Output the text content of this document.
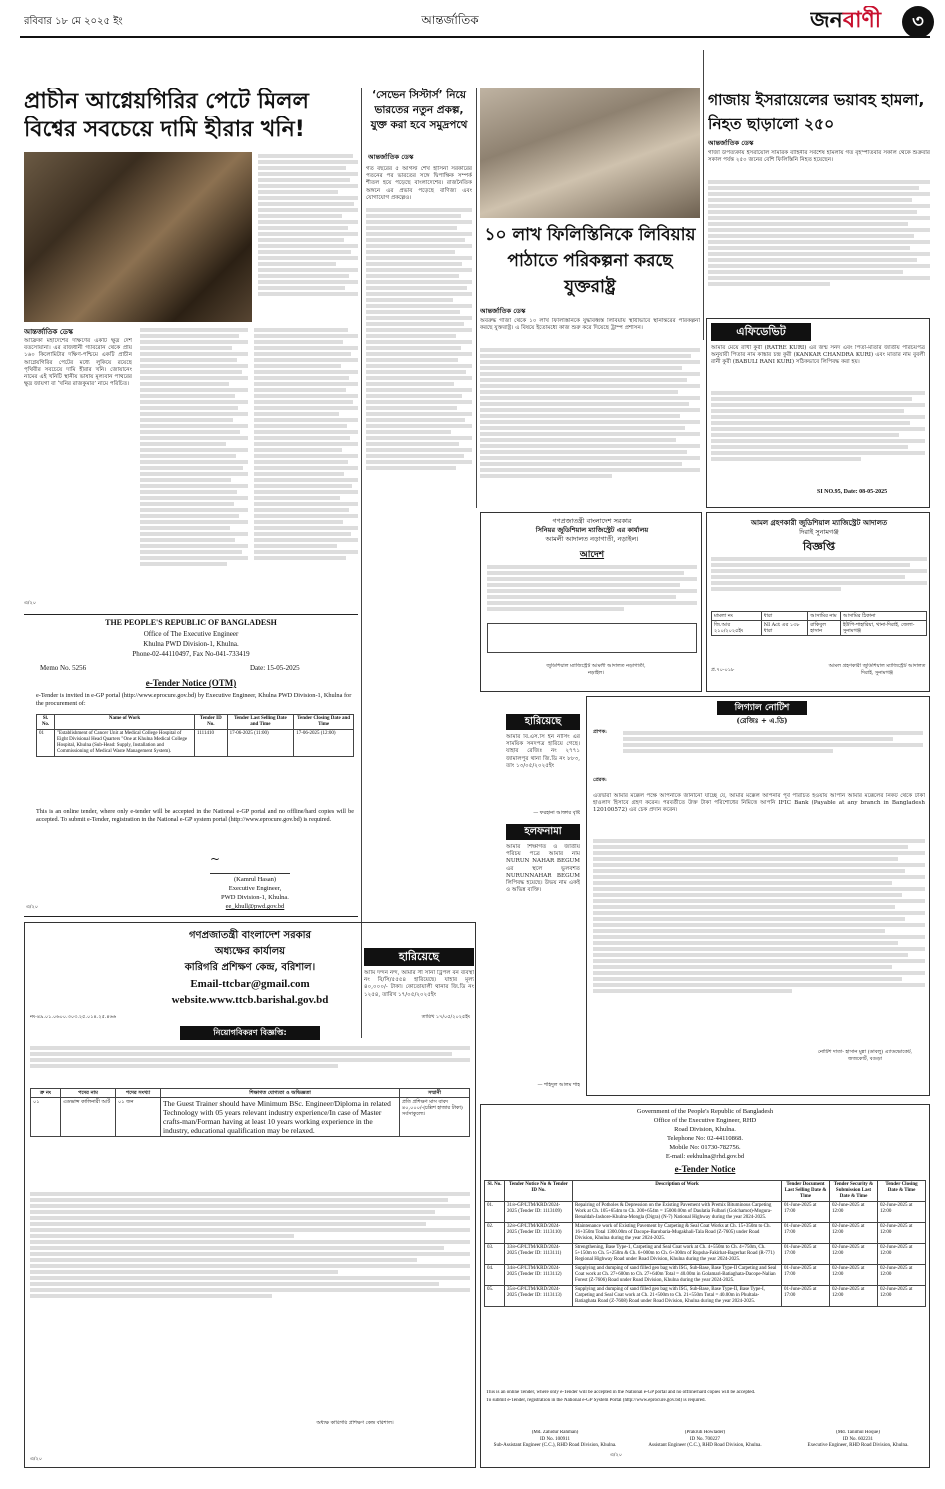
রবিবার ১৮ মে ২০২৫ ইং	আন্তর্জাতিক	জনবাণী	৩
প্রাচীন আগ্নেয়গিরির পেটে মিলল
বিশ্বের সবচেয়ে দামি হীরার খনি!
আন্তর্জাতিক ডেস্ক
আফ্রিকা মহাদেশের দক্ষিণের একটি ক্ষুদ্র দেশ বতসোয়ানা। এর রাজধানী গ্যাবরোন থেকে প্রায় ১৬০ কিলোমিটার দক্ষিণ-পশ্চিমে একটি প্রাচীন আগ্নেয়গিরির পেটের মধ্যে লুকিয়ে রয়েছে পৃথিবীর সবচেয়ে দামি হীরার খনি। জোয়ানেং নামের এই খনিটি স্থানীয় ভাষায় মূল্যবান পাথরের ক্ষুদ্র জায়গা বা ‘খনির রাজকুমার’ নামে পরিচিত।
এ/২০
‘সেভেন সিস্টার্স’ নিয়ে ভারতের নতুন প্রকল্প, যুক্ত করা হবে সমুদ্রপথে
আন্তর্জাতিক ডেস্ক
গত বছরের ৫ আগস্ট শেখ হাসিনা সরকারের পতনের পর ভারতের সঙ্গে দ্বিপাক্ষিক সম্পর্ক শীতল হয়ে পড়েছে বাংলাদেশের। রাজনৈতিক অঙ্গনে এর প্রভাব পড়েছে বাণিজ্য এবং যোগাযোগ প্রকল্পেও।
১০ লাখ ফিলিস্তিনিকে লিবিয়ায় পাঠাতে পরিকল্পনা করছে যুক্তরাষ্ট্র
আন্তর্জাতিক ডেস্ক
অবরুদ্ধ গাজা থেকে ১০ লাখ ফিলিস্তিনিকে যুদ্ধবিধ্বস্ত লিবিয়ায় স্থায়ীভাবে স্থানান্তরের পরিকল্পনা করছে যুক্তরাষ্ট্র। এ বিষয়ে ইতোমধ্যে কাজ শুরু করে দিয়েছে ট্রাম্প প্রশাসন।
গাজায় ইসরায়েলের ভয়াবহ হামলা, নিহত ছাড়ালো ২৫০
আন্তর্জাতিক ডেস্ক
গাজা উপত্যকায় ইসরায়েলি সামরিক বাহিনীর সর্বশেষ হামলায় গত বৃহস্পতিবার সকাল থেকে শুক্রবার সকাল পর্যন্ত ২৫০ জনের বেশি ফিলিস্তিনি নিহত হয়েছেন।
এফিডেভিট
আমার মেয়ে রাখী কুরী (RATRE KURI) এর জন্ম সনদ এবং পিতা-মাতার জাতীয় পরিচয়পত্র অনুযায়ী পিতার নাম কাঙ্কার চন্দ্র কুরী (KANKAR CHANDRA KURI) এবং মাতার নাম বুবলী রানী কুরী (BABULI RANI KURI) সঠিকভাবে লিপিবদ্ধ করা হয়।
SI NO.95, Date: 08-05-2025
আমল গ্রহণকারী জুডিশিয়াল ম্যাজিস্ট্রেট আদালত
দিরাই সুনামগঞ্জ
বিজ্ঞপ্তি
মামলা নং	ধারা	আসামির নাম	আসামির ঠিকানা
জি.আর ২১০/২০২৫ইং	NI Act এর ১৩৮ ধারা	রাকিবুল হাসান	ইউপি-শাহারিয়া, থানা-দিরাই, জেলা-সুনামগঞ্জ
প্র.৭০-০১৮
আমল গ্রহণকারী জুডিশিয়াল ম্যাজিস্ট্রেট আদালত দিরাই, সুনামগঞ্জ
গণপ্রজাতন্ত্রী বাংলাদেশ সরকার
সিনিয়র জুডিশিয়াল ম্যাজিস্ট্রেট এর কার্যালয়
আমলী আদালত নড়াগাতী, নড়াইল।
আদেশ
জুডিশিয়াল ম্যাজিস্ট্রেট আমলী আদালত নড়াগাতী, নড়াইল।
THE PEOPLE'S REPUBLIC OF BANGLADESH
Office of The Executive Engineer
Khulna PWD Division-1, Khulna.
Phone-02-44110497, Fax No-041-733419
Memo No. 5256	Date: 15-05-2025
e-Tender Notice (OTM)
e-Tender is invited in e-GP portal (http://www.eprocure.gov.bd) by Executive Engineer, Khulna PWD Division-1, Khulna for the procurement of:
Sl. No.	Name of Work	Tender ID No.	Tender Last Selling Date and Time	Tender Closing Date and Time
01	"Establishment of Cancer Unit at Medical College Hospital of Eight Divisional Head Quarters "One at Khulna Medical College Hospital, Khulna (Sub-Head: Supply, Installation and Commissioning of Medical Waste Management System).	1111410	17-06-2025 (11:00)	17-06-2025 (12:00)
This is an online tender, where only e-tender will be accepted in the National e-GP portal and no offline/hard copies will be accepted. To submit e-Tender, registration in the National e-GP system portal (http://www.eprocure.gov.bd) is required.
~
(Kamrul Hasan)
Executive Engineer,
PWD Division-1, Khulna.
ee_khull@pwd.gov.bd
এ/২০
হারিয়েছে
আমার বি.এস.সি ইন নার্সিং এর সাময়িক সনদপত্র হারিয়ে গেছে। যাহার রেজিঃ নং ২৭৭১ জামালপুর থানা জি.ডি নং ৮৮৩, তাং ১৩/০৫/২০২৫ইং
— ফরহানা আক্তার বৃষ্টি
হলফনামা
আমার শিক্ষাগত ও জাতীয় পরিচয় পত্রে আমার নাম NURUN NAHAR BEGUM এর স্থলে ভুলবশত NURUNNAHAR BEGUM লিপিবদ্ধ হয়েছে। উভয় নাম একই ও অভিন্ন ব্যক্তি।
— শহিদুল আলম শাহ
হারিয়েছে
আমি দন্দন নন্দ, আমার সী সানা ট্রিপল বন ব্যবস্থা নং বি/সি/৫৫৫৪ হারিয়েছে। যাহার মূল্য ৪০,০০০/- টাকা। কোতোয়ালী থানার জি.ডি নং ১২৫৪, তারিখ ১৭/০৫/২০২৫ইং
লিগ্যাল নোটিশ
(রেজিঃ + এ.ডি)
প্রাপক:
প্রেরক:
এতদ্বারা আমার মক্কেল পক্ষে আপনাকে জানানো যাচ্ছে যে, আমার মক্কেল আপনার পূর্ব পরিচিত হওয়ায় আপনি আমার মক্কেলের নিকট থেকে টাকা হাওলাদ হিসাবে গ্রহণ করেন। পরবর্তীতে উক্ত টাকা পরিশোধের নিমিত্তে আপনি IFIC Bank (Payable at any branch in Bangladesh 120100572) এর চেক প্রদান করেন।
নোটিশ দাতা- হাসান মুন্না (ডাবলু) এ্যাডভোকেট, জজকোর্ট, বগুড়া
গণপ্রজাতন্ত্রী বাংলাদেশ সরকার
অধ্যক্ষের কার্যালয়
কারিগরি প্রশিক্ষণ কেন্দ্র, বরিশাল।
Email-ttcbar@gmail.com
website.www.ttcb.barishal.gov.bd
নং-৪৯.০১.০৬০০.৩০৩.২৫.০১৪.২৫.৪৬৬	তারিখ ১৭/০৫/২০২৫ইং
নিয়োগবিকরণ বিজ্ঞপ্তি:
ক্র নং	পদের নাম	পদের সংখ্যা	শিক্ষাগত যোগ্যতা ও অভিজ্ঞতা	সম্মানী
০১	এডভান্স কালিনারী আর্ট	০১ জন	The Guest Trainer should have Minimum BSc. Engineer/Diploma in related Technology with 05 years relevant industry experience/In case of Master crafts-man/Forman having at least 10 years working experience in the industry, educational qualification may be relaxed.	প্রতি প্রশিক্ষণ মাস বাবদ ৪০,০০০/-(চল্লিশ হাজার টাকা) সর্বসাকুল্যে।
অধ্যক্ষ কারিগরি প্রশিক্ষণ কেন্দ্র বরিশাল।
এ/২০
Government of the People's Republic of Bangladesh
Office of the Executive Engineer, RHD
Road Division, Khulna.
Telephone No: 02-44110868.
Mobile No: 01730-782756.
E-mail: eekhulna@rhd.gov.bd
e-Tender Notice
Sl. No.	Tender Notice No & Tender ID No.	Description of Work	Tender Document Last Selling Date & Time	Tender Security & Submission Last Date & Time	Tender Closing Date & Time
01.	31/e-GP/LTM/KRD/2024-2025 (Tender ID: 1113109)	Repairing of Potholes & Depression on the Existing Pavement with Premix Bituminous Carpeting Work at Ch. 105+654m to Ch. 200+654m = 15000.00m of Daulatia Fulbari (Golchamot)-Mogura-Benaldah-Jashore-Khulna-Mongla (Digra) (N-7) National Highway during the year 2024-2025.	01-June-2025 at 17:00	02-June-2025 at 12:00	02-June-2025 at 12:00
02.	32/e-GP/LTM/KRD/2024-2025 (Tender ID: 1113110)	Maintenance work of Existing Pavement by Carpeting & Seal Coat Works at Ch. 15+350m to Ch. 16+350m Total 1300.00m of Dacope-Barobaria-Mugakhali-Tala Road (Z-7605) under Road Division, Khulna during the year 2024-2025.	01-June-2025 at 17:00	02-June-2025 at 12:00	02-June-2025 at 12:00
03.	33/e-GP/LTM/KRD/2024-2025 (Tender ID: 1113111)	Strengthening, Base Type-1, Carpeting and Seal Coat work at Ch. 4+550m to Ch. 4+750m, Ch. 5+150m to Ch. 5+250m & Ch. 6+000m to Ch. 6+300m of Rupsha-Fakirhat-Bagerhat Road (R-771) Regional Highway Road under Road Division, Khulna during the year 2024-2025.	01-June-2025 at 17:00	02-June-2025 at 12:00	02-June-2025 at 12:00
04.	34/e-GP/LTM/KRD/2024-2025 (Tender ID: 1113112)	Supplying and dumping of sand filled geo bag with ISG, Sub-Base, Base Type-II Carpeting and Seal Coat work at Ch. 27+600m to Ch. 27+640m Total = 40.00m in Golamari-Batiaghata-Dacope-Nalian Forest (Z-7606) Road under Road Division, Khulna during the year 2024-2025.	01-June-2025 at 17:00	02-June-2025 at 12:00	02-June-2025 at 12:00
05.	35/e-GP/LTM/KRD/2024-2025 (Tender ID: 1113113)	Supplying and dumping of sand filled geo bag with ISG, Sub-Base, Base Type-II, Base Type-I, Carpeting and Seal Coat work at Ch. 21+500m to Ch. 21+550m Total = 40.00m in Phultala-Batiaghata Road (Z-7608) Road under Road Division, Khulna during the year 2024-2025.	01-June-2025 at 17:00	02-June-2025 at 12:00	02-June-2025 at 12:00
This is an online Tender, where only e-Tender will be accepted in the National e-GP portal and no offline/hard copies will be accepted.
To submit e-Tender, registration in the National e-GP System Portal (http://www.eprocure.gov.bd) is required.
(Md. Zahidur Rahman)
ID No. 100911
Sub-Assistant Engineer (C.C.), RHD Road Division, Khulna.
(Prakruti Howlader)
ID No. 700227
Assistant Engineer (C.C.), RHD Road Division, Khulna.
(Md. Tanimul Hoque)
ID No. 602231
Executive Engineer, RHD Road Division, Khulna.
এ/২০
